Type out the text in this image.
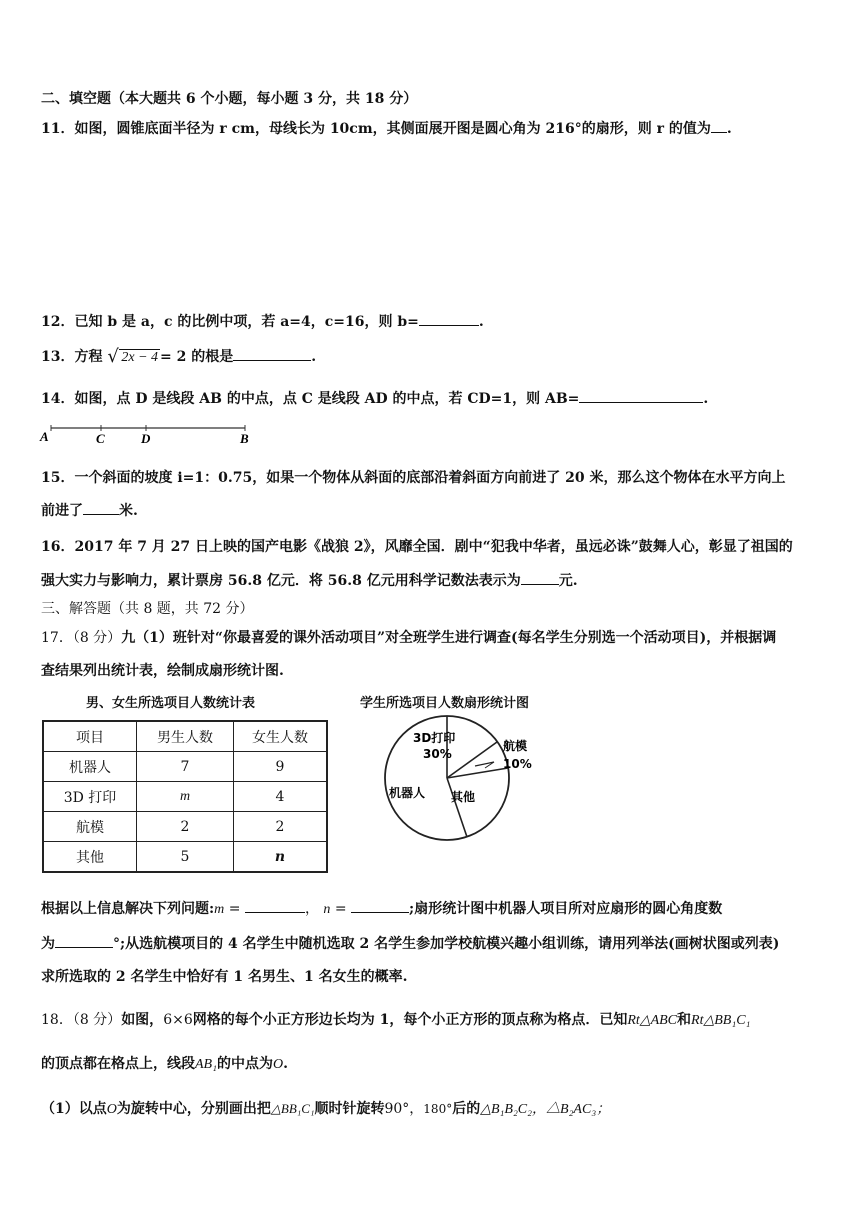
二、填空题（本大题共 6 个小题，每小题 3 分，共 18 分）
11．如图，圆锥底面半径为 r cm，母线长为 10cm，其侧面展开图是圆心角为 216°的扇形，则 r 的值为 .
12．已知 b 是 a，c 的比例中项，若 a=4，c=16，则 b=	.
13．方程 √ 2x − 4 = 2 的根是	.
14．如图，点 D 是线段 AB 的中点，点 C 是线段 AD 的中点，若 CD=1，则 AB=	.
A	C	D	B
15．一个斜面的坡度 i=1：0.75，如果一个物体从斜面的底部沿着斜面方向前进了 20 米，那么这个物体在水平方向上
前进了	米.
16．2017 年 7 月 27 日上映的国产电影《战狼 2》，风靡全国．剧中“犯我中华者，虽远必诛”鼓舞人心，彰显了祖国的
强大实力与影响力，累计票房 56.8 亿元．将 56.8 亿元用科学记数法表示为	元.
三、解答题（共 8 题，共 72 分）
17．（8 分）九（1）班针对“你最喜爱的课外活动项目”对全班学生进行调查(每名学生分别选一个活动项目)，并根据调
查结果列出统计表，绘制成扇形统计图.
男、女生所选项目人数统计表	学生所选项目人数扇形统计图
项目	男生人数	女生人数
机器人	7	9
3D 打印	m	4
航模	2	2
其他	5	n
3D打印
30%
航模
10%
机器人 其他
根据以上信息解决下列问题:m =	， n =	;扇形统计图中机器人项目所对应扇形的圆心角度数
为	°;从选航模项目的 4 名学生中随机选取 2 名学生参加学校航模兴趣小组训练，请用列举法(画树状图或列表)
求所选取的 2 名学生中恰好有 1 名男生、1 名女生的概率.
18．（8 分）如图，6×6网格的每个小正方形边长均为 1，每个小正方形的顶点称为格点．已知Rt△ABC和Rt△BB₁C₁
的顶点都在格点上，线段AB₁的中点为O.
（1）以点O为旋转中心，分别画出把△BB₁C₁顺时针旋转90°，180°后的△B₁B₂C₂，△B₂AC₃；
